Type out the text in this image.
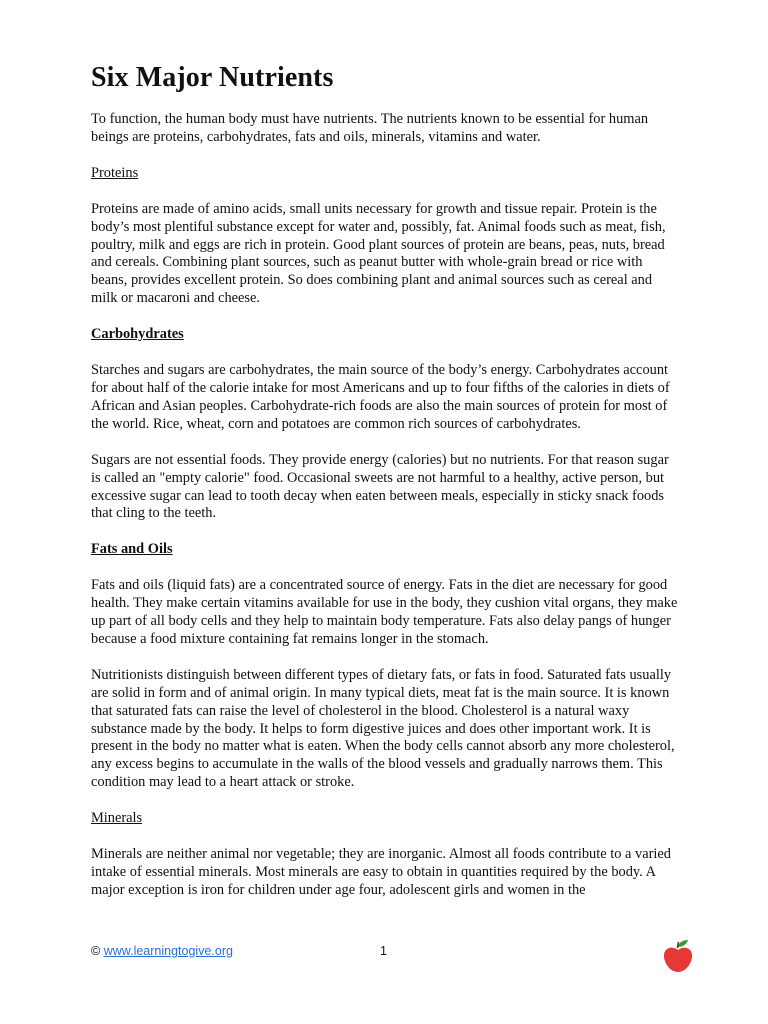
Six Major Nutrients

To function, the human body must have nutrients. The nutrients known to be essential for human beings are proteins, carbohydrates, fats and oils, minerals, vitamins and water.

Proteins

Proteins are made of amino acids, small units necessary for growth and tissue repair. Protein is the body’s most plentiful substance except for water and, possibly, fat. Animal foods such as meat, fish, poultry, milk and eggs are rich in protein. Good plant sources of protein are beans, peas, nuts, bread and cereals. Combining plant sources, such as peanut butter with whole-grain bread or rice with beans, provides excellent protein. So does combining plant and animal sources such as cereal and milk or macaroni and cheese.

Carbohydrates

Starches and sugars are carbohydrates, the main source of the body’s energy. Carbohydrates account for about half of the calorie intake for most Americans and up to four fifths of the calories in diets of African and Asian peoples. Carbohydrate-rich foods are also the main sources of protein for most of the world. Rice, wheat, corn and potatoes are common rich sources of carbohydrates.

Sugars are not essential foods. They provide energy (calories) but no nutrients. For that reason sugar is called an "empty calorie" food. Occasional sweets are not harmful to a healthy, active person, but excessive sugar can lead to tooth decay when eaten between meals, especially in sticky snack foods that cling to the teeth.

Fats and Oils

Fats and oils (liquid fats) are a concentrated source of energy. Fats in the diet are necessary for good health. They make certain vitamins available for use in the body, they cushion vital organs, they make up part of all body cells and they help to maintain body temperature. Fats also delay pangs of hunger because a food mixture containing fat remains longer in the stomach.

Nutritionists distinguish between different types of dietary fats, or fats in food. Saturated fats usually are solid in form and of animal origin. In many typical diets, meat fat is the main source. It is known that saturated fats can raise the level of cholesterol in the blood. Cholesterol is a natural waxy substance made by the body. It helps to form digestive juices and does other important work. It is present in the body no matter what is eaten. When the body cells cannot absorb any more cholesterol, any excess begins to accumulate in the walls of the blood vessels and gradually narrows them. This condition may lead to a heart attack or stroke.

Minerals

Minerals are neither animal nor vegetable; they are inorganic. Almost all foods contribute to a varied intake of essential minerals. Most minerals are easy to obtain in quantities required by the body. A major exception is iron for children under age four, adolescent girls and women in the

© www.learningtogive.org	1
